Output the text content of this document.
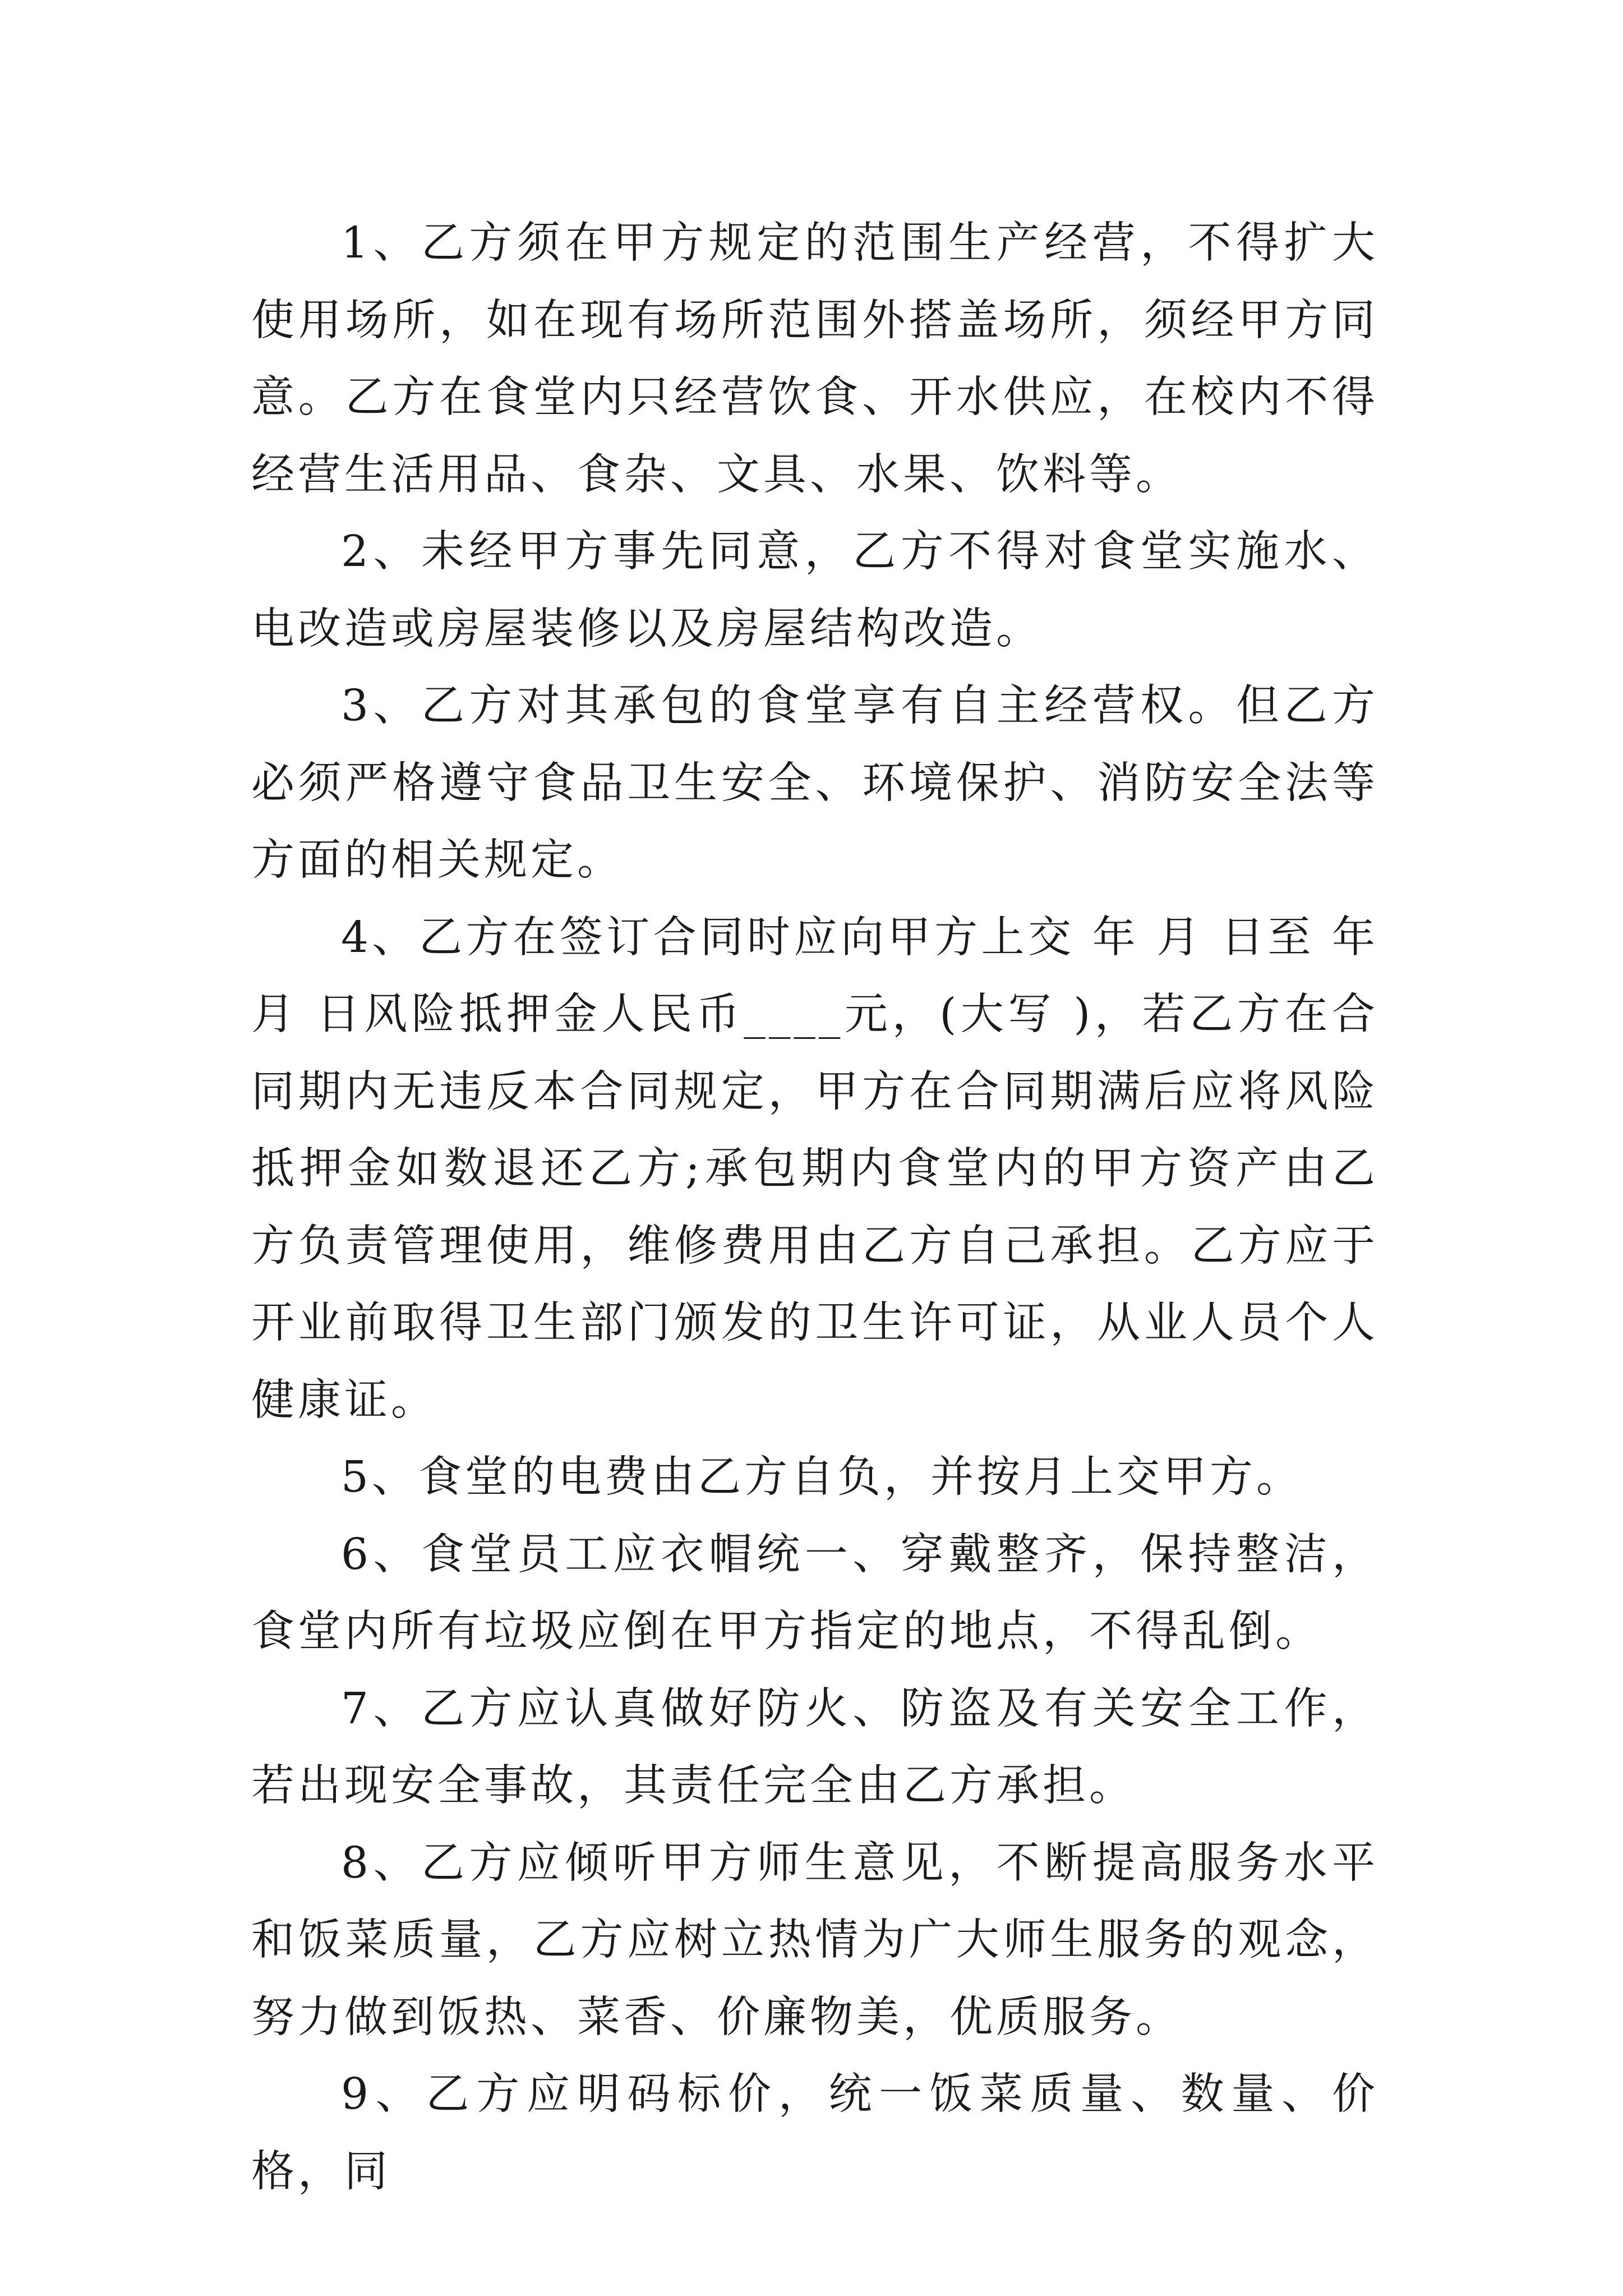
1、乙方须在甲方规定的范围生产经营，不得扩大使用场所，如在现有场所范围外搭盖场所，须经甲方同意。乙方在食堂内只经营饮食、开水供应，在校内不得经营生活用品、食杂、文具、水果、饮料等。

2、未经甲方事先同意，乙方不得对食堂实施水、电改造或房屋装修以及房屋结构改造。

3、乙方对其承包的食堂享有自主经营权。但乙方必须严格遵守食品卫生安全、环境保护、消防安全法等方面的相关规定。

4、乙方在签订合同时应向甲方上交 年 月 日至 年 月 日风险抵押金人民币____元，(大写 )，若乙方在合同期内无违反本合同规定，甲方在合同期满后应将风险抵押金如数退还乙方;承包期内食堂内的甲方资产由乙方负责管理使用，维修费用由乙方自己承担。乙方应于开业前取得卫生部门颁发的卫生许可证，从业人员个人健康证。

5、食堂的电费由乙方自负，并按月上交甲方。

6、食堂员工应衣帽统一、穿戴整齐，保持整洁，食堂内所有垃圾应倒在甲方指定的地点，不得乱倒。

7、乙方应认真做好防火、防盗及有关安全工作，若出现安全事故，其责任完全由乙方承担。

8、乙方应倾听甲方师生意见，不断提高服务水平和饭菜质量，乙方应树立热情为广大师生服务的观念，努力做到饭热、菜香、价廉物美，优质服务。

9、乙方应明码标价，统一饭菜质量、数量、价格，同
